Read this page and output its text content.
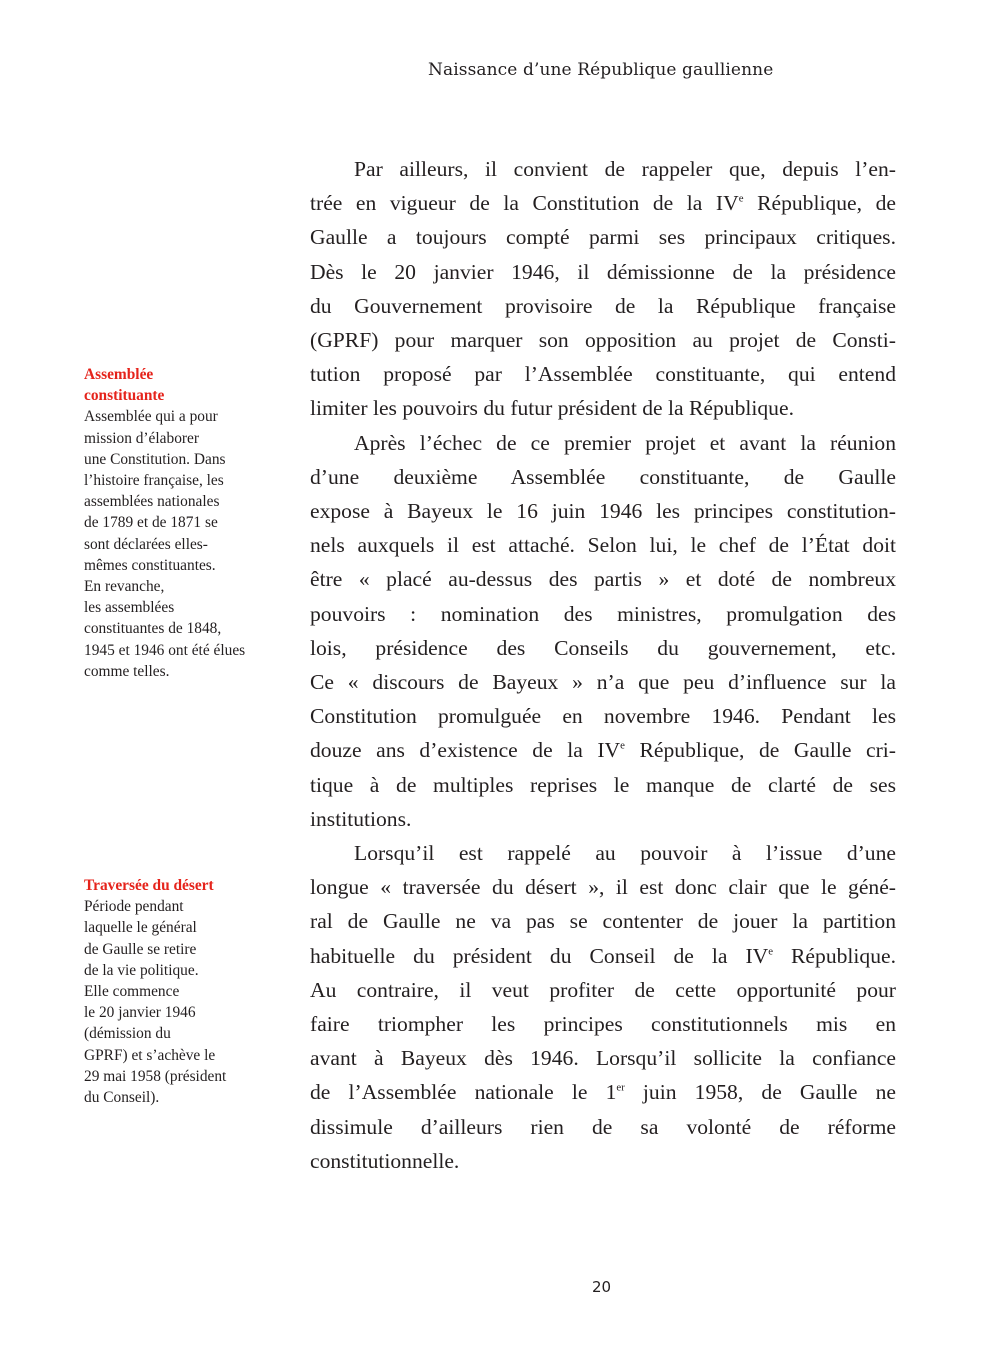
Naissance d’une République gaullienne

Par ailleurs, il convient de rappeler que, depuis l’en-
trée en vigueur de la Constitution de la IVe République, de
Gaulle a toujours compté parmi ses principaux critiques.
Dès le 20 janvier 1946, il démissionne de la présidence
du Gouvernement provisoire de la République française
(GPRF) pour marquer son opposition au projet de Consti-
tution proposé par l’Assemblée constituante, qui entend
limiter les pouvoirs du futur président de la République.

Après l’échec de ce premier projet et avant la réunion
d’une deuxième Assemblée constituante, de Gaulle
expose à Bayeux le 16 juin 1946 les principes constitution-
nels auxquels il est attaché. Selon lui, le chef de l’État doit
être « placé au-dessus des partis » et doté de nombreux
pouvoirs : nomination des ministres, promulgation des
lois, présidence des Conseils du gouvernement, etc.
Ce « discours de Bayeux » n’a que peu d’influence sur la
Constitution promulguée en novembre 1946. Pendant les
douze ans d’existence de la IVe République, de Gaulle cri-
tique à de multiples reprises le manque de clarté de ses
institutions.

Lorsqu’il est rappelé au pouvoir à l’issue d’une
longue « traversée du désert », il est donc clair que le géné-
ral de Gaulle ne va pas se contenter de jouer la partition
habituelle du président du Conseil de la IVe République.
Au contraire, il veut profiter de cette opportunité pour
faire triompher les principes constitutionnels mis en
avant à Bayeux dès 1946. Lorsqu’il sollicite la confiance
de l’Assemblée nationale le 1er juin 1958, de Gaulle ne
dissimule d’ailleurs rien de sa volonté de réforme
constitutionnelle.

Assemblée
constituante
Assemblée qui a pour
mission d’élaborer
une Constitution. Dans
l’histoire française, les
assemblées nationales
de 1789 et de 1871 se
sont déclarées elles-
mêmes constituantes.
En revanche,
les assemblées
constituantes de 1848,
1945 et 1946 ont été élues
comme telles.
Traversée du désert
Période pendant
laquelle le général
de Gaulle se retire
de la vie politique.
Elle commence
le 20 janvier 1946
(démission du
GPRF) et s’achève le
29 mai 1958 (président
du Conseil).
20
